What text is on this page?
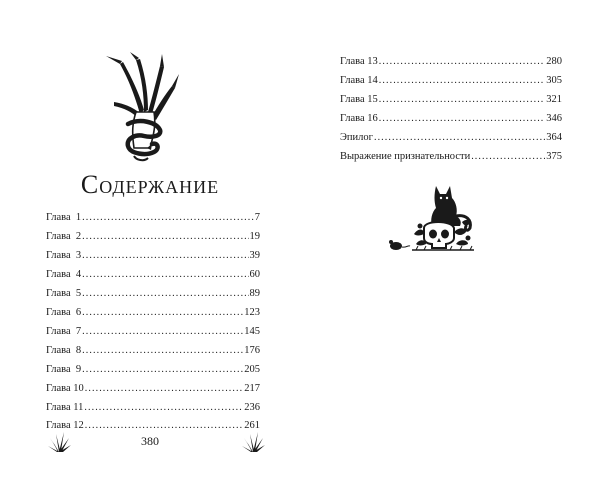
Содержание
Глава  1 .....	7
Глава  2 .....	19
Глава  3 .....	39
Глава  4 .....	60
Глава  5 .....	89
Глава  6 .....	123
Глава  7 .....	145
Глава  8 .....	176
Глава  9 .....	205
Глава 10 .....	217
Глава 11 .....	236
Глава 12 .....	261
380
Глава 13 .....	280
Глава 14 .....	305
Глава 15 .....	321
Глава 16 .....	346
Эпилог .....	364
Выражение признательности .....	375
